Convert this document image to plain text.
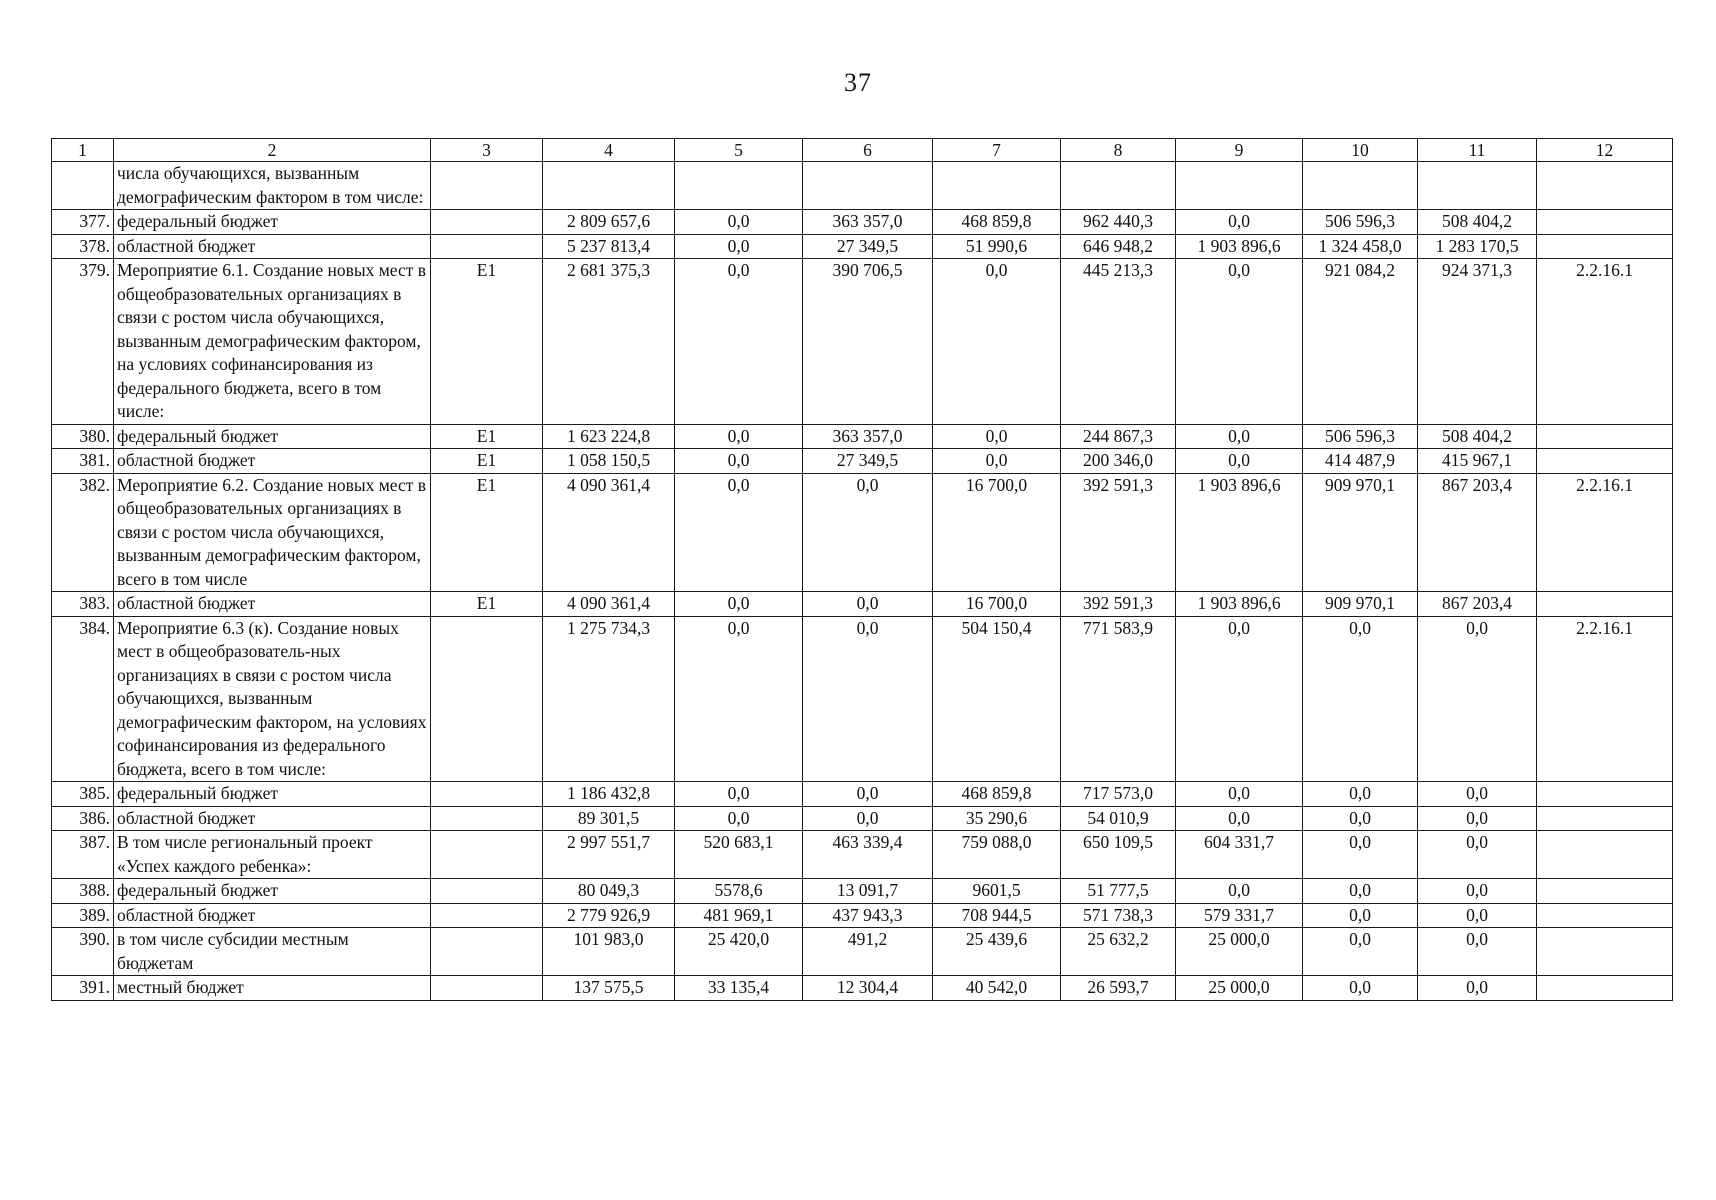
37
1	2	3	4	5	6	7	8	9	10	11	12
	числа обучающихся, вызванным демографическим фактором в том числе:										
377.	федеральный бюджет		2 809 657,6	0,0	363 357,0	468 859,8	962 440,3	0,0	506 596,3	508 404,2	
378.	областной бюджет		5 237 813,4	0,0	27 349,5	51 990,6	646 948,2	1 903 896,6	1 324 458,0	1 283 170,5	
379.	Мероприятие 6.1. Создание новых мест в общеобразовательных организациях в связи с ростом числа обучающихся, вызванным демографическим фактором, на условиях софинансирования из федерального бюджета, всего в том числе:	Е1	2 681 375,3	0,0	390 706,5	0,0	445 213,3	0,0	921 084,2	924 371,3	2.2.16.1
380.	федеральный бюджет	Е1	1 623 224,8	0,0	363 357,0	0,0	244 867,3	0,0	506 596,3	508 404,2	
381.	областной бюджет	Е1	1 058 150,5	0,0	27 349,5	0,0	200 346,0	0,0	414 487,9	415 967,1	
382.	Мероприятие 6.2. Создание новых мест в общеобразовательных организациях в связи с ростом числа обучающихся, вызванным демографическим фактором, всего в том числе	Е1	4 090 361,4	0,0	0,0	16 700,0	392 591,3	1 903 896,6	909 970,1	867 203,4	2.2.16.1
383.	областной бюджет	Е1	4 090 361,4	0,0	0,0	16 700,0	392 591,3	1 903 896,6	909 970,1	867 203,4	
384.	Мероприятие 6.3 (к). Создание новых мест в общеобразователь-ных организациях в связи с ростом числа обучающихся, вызванным демографическим фактором, на условиях софинансирования из федерального бюджета, всего в том числе:		1 275 734,3	0,0	0,0	504 150,4	771 583,9	0,0	0,0	0,0	2.2.16.1
385.	федеральный бюджет		1 186 432,8	0,0	0,0	468 859,8	717 573,0	0,0	0,0	0,0	
386.	областной бюджет		89 301,5	0,0	0,0	35 290,6	54 010,9	0,0	0,0	0,0	
387.	В том числе региональный проект «Успех каждого ребенка»:		2 997 551,7	520 683,1	463 339,4	759 088,0	650 109,5	604 331,7	0,0	0,0	
388.	федеральный бюджет		80 049,3	5578,6	13 091,7	9601,5	51 777,5	0,0	0,0	0,0	
389.	областной бюджет		2 779 926,9	481 969,1	437 943,3	708 944,5	571 738,3	579 331,7	0,0	0,0	
390.	в том числе субсидии местным бюджетам		101 983,0	25 420,0	491,2	25 439,6	25 632,2	25 000,0	0,0	0,0	
391.	местный бюджет		137 575,5	33 135,4	12 304,4	40 542,0	26 593,7	25 000,0	0,0	0,0	
